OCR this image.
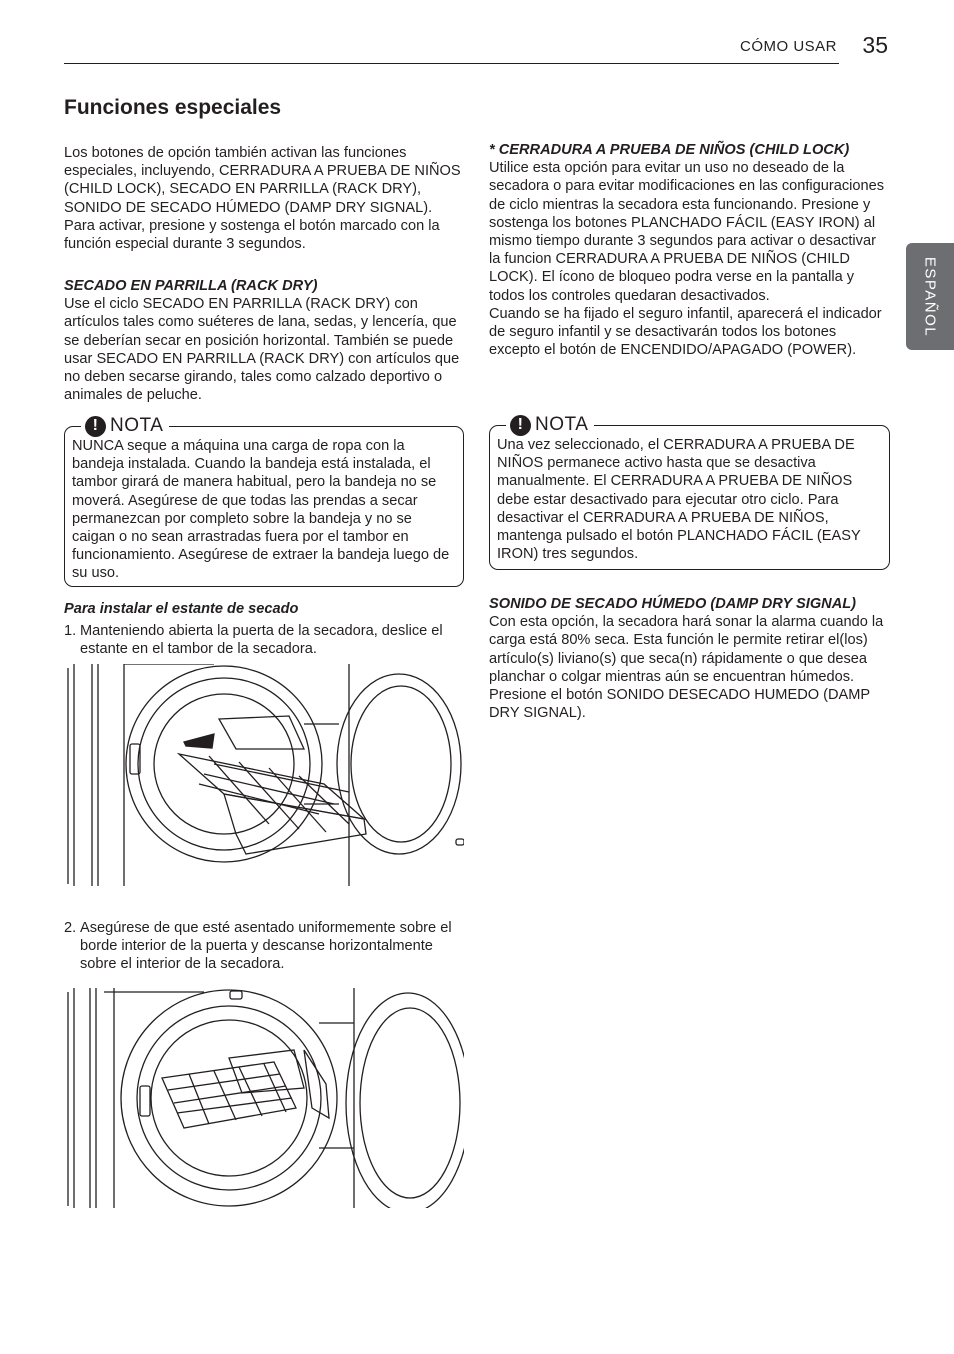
CÓMO USAR 35
ESPAÑOL
Funciones especiales

Los botones de opción también activan las funciones especiales, incluyendo, CERRADURA A PRUEBA DE NIÑOS (CHILD LOCK), SECADO EN PARRILLA (RACK DRY), SONIDO DE SECADO HÚMEDO (DAMP DRY SIGNAL). Para activar, presione y sostenga el botón marcado con la función especial durante 3 segundos.

SECADO EN PARRILLA (RACK DRY)

Use el ciclo SECADO EN PARRILLA (RACK DRY) con artículos tales como suéteres de lana, sedas, y lencería, que se deberían secar en posición horizontal. También se puede usar SECADO EN PARRILLA (RACK DRY) con artículos que no deben secarse girando, tales como calzado deportivo o animales de peluche.

! NOTA

NUNCA seque a máquina una carga de ropa con la bandeja instalada. Cuando la bandeja está instalada, el tambor girará de manera habitual, pero la bandeja no se moverá. Asegúrese de que todas las prendas a secar permanezcan por completo sobre la bandeja y no se caigan o no sean arrastradas fuera por el tambor en funcionamiento. Asegúrese de extraer la bandeja luego de su uso.

Para instalar el estante de secado

1. Manteniendo abierta la puerta de la secadora, deslice el estante en el tambor de la secadora.
2. Asegúrese de que esté asentado uniformemente sobre el borde interior de la puerta y descanse horizontalmente sobre el interior de la secadora.

* CERRADURA A PRUEBA DE NIÑOS (CHILD LOCK)

Utilice esta opción para evitar un uso no deseado de la secadora o para evitar modificaciones en las configuraciones de ciclo mientras la secadora esta funcionando. Presione y sostenga los botones PLANCHADO FÁCIL (EASY IRON) al mismo tiempo durante 3 segundos para activar o desactivar la funcion CERRADURA A PRUEBA DE NIÑOS (CHILD LOCK). El ícono de bloqueo podra verse en la pantalla y todos los controles quedaran desactivados.

Cuando se ha fijado el seguro infantil, aparecerá el indicador de seguro infantil y se desactivarán todos los botones excepto el botón de ENCENDIDO/APAGADO (POWER).

! NOTA

Una vez seleccionado, el CERRADURA A PRUEBA DE NIÑOS permanece activo hasta que se desactiva manualmente. El CERRADURA A PRUEBA DE NIÑOS debe estar desactivado para ejecutar otro ciclo. Para desactivar el CERRADURA A PRUEBA DE NIÑOS, mantenga pulsado el botón PLANCHADO FÁCIL (EASY IRON) tres segundos.

SONIDO DE SECADO HÚMEDO (DAMP DRY SIGNAL)

Con esta opción, la secadora hará sonar la alarma cuando la carga está 80% seca. Esta función le permite retirar el(los) artículo(s) liviano(s) que seca(n) rápidamente o que desea planchar o colgar mientras aún se encuentran húmedos. Presione el botón SONIDO DESECADO HUMEDO (DAMP DRY SIGNAL).
